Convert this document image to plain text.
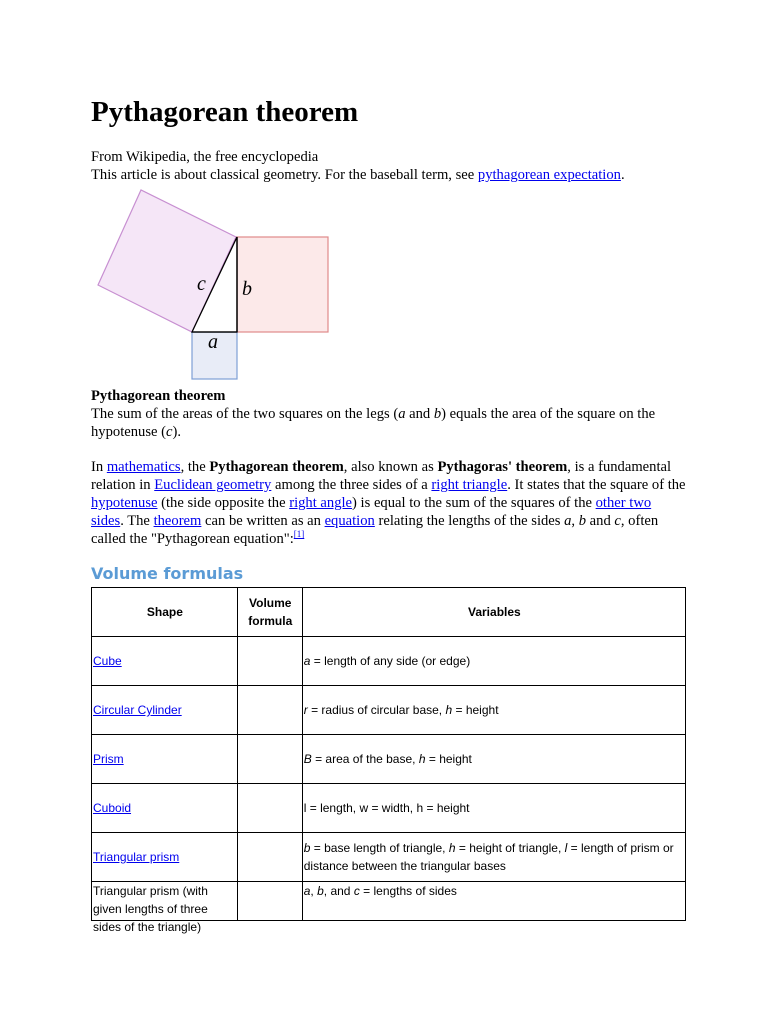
Pythagorean theorem

From Wikipedia, the free encyclopedia

This article is about classical geometry. For the baseball term, see pythagorean expectation.

c b
a

Pythagorean theorem

The sum of the areas of the two squares on the legs (a and b) equals the area of the square on the hypotenuse (c).

In mathematics, the Pythagorean theorem, also known as Pythagoras' theorem, is a fundamental relation in Euclidean geometry among the three sides of a right triangle. It states that the square of the hypotenuse (the side opposite the right angle) is equal to the sum of the squares of the other two sides. The theorem can be written as an equation relating the lengths of the sides a, b and c, often called the "Pythagorean equation":[1]

Volume formulas
Shape	Volume formula	Variables
Cube		a = length of any side (or edge)
Circular Cylinder		r = radius of circular base, h = height
Prism		B = area of the base, h = height
Cuboid		l = length, w = width, h = height
Triangular prism		b = base length of triangle, h = height of triangle, l = length of prism or distance between the triangular bases

Triangular prism (with given lengths of three sides of the triangle)		a, b, and c = lengths of sides
